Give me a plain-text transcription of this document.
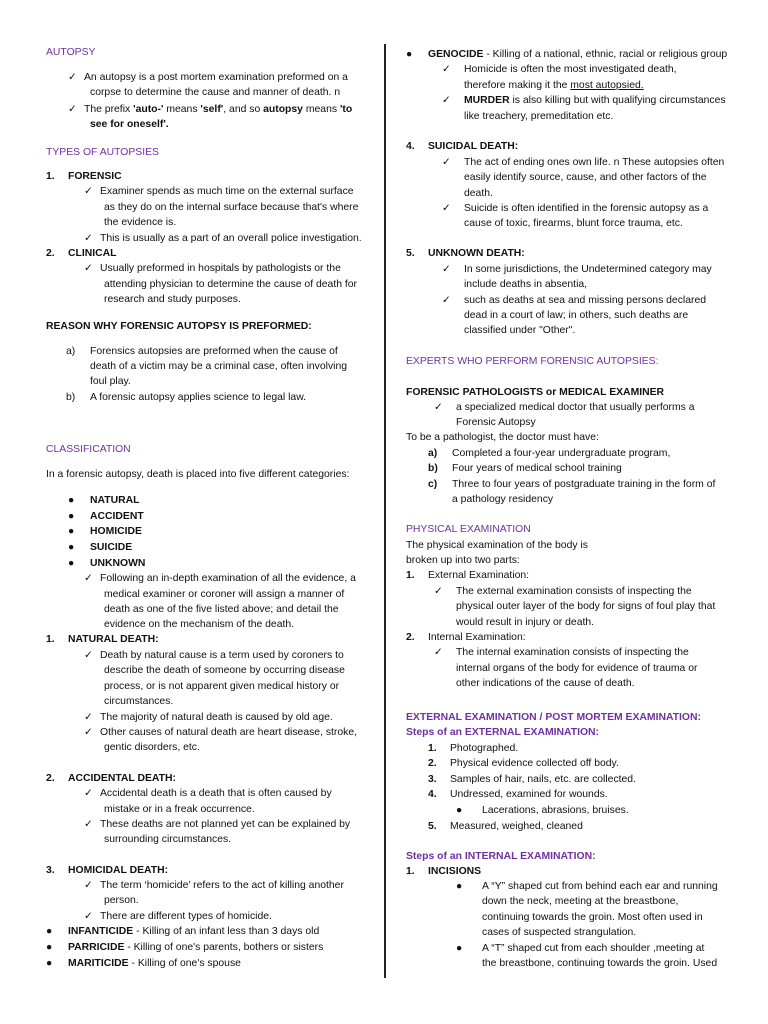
AUTOPSY
✓ An autopsy is a post mortem examination preformed on a
corpse to determine the cause and manner of death. n
✓ The prefix 'auto-' means 'self', and so autopsy means 'to
see for oneself'.
TYPES OF AUTOPSIES
1. FORENSIC
✓ Examiner spends as much time on the external surface
as they do on the internal surface because that's where
the evidence is.
✓ This is usually as a part of an overall police investigation.
2. CLINICAL
✓ Usually preformed in hospitals by pathologists or the
attending physician to determine the cause of death for
research and study purposes.
REASON WHY FORENSIC AUTOPSY IS PREFORMED:
a) Forensics autopsies are preformed when the cause of
death of a victim may be a criminal case, often involving
foul play.
b) A forensic autopsy applies science to legal law.
CLASSIFICATION
In a forensic autopsy, death is placed into five different categories:
● NATURAL
● ACCIDENT
● HOMICIDE
● SUICIDE
● UNKNOWN
✓ Following an in-depth examination of all the evidence, a
medical examiner or coroner will assign a manner of
death as one of the five listed above; and detail the
evidence on the mechanism of the death.
1. NATURAL DEATH:
✓ Death by natural cause is a term used by coroners to
describe the death of someone by occurring disease
process, or is not apparent given medical history or
circumstances.
✓ The majority of natural death is caused by old age.
✓ Other causes of natural death are heart disease, stroke,
gentic disorders, etc.
2. ACCIDENTAL DEATH:
✓ Accidental death is a death that is often caused by
mistake or in a freak occurrence.
✓ These deaths are not planned yet can be explained by
surrounding circumstances.
3. HOMICIDAL DEATH:
✓ The term ‘homicide’ refers to the act of killing another
person.
✓ There are different types of homicide.
● INFANTICIDE - Killing of an infant less than 3 days old
● PARRICIDE - Killing of one's parents, bothers or sisters
● MARITICIDE - Killing of one's spouse
● GENOCIDE - Killing of a national, ethnic, racial or religious group
✓ Homicide is often the most investigated death,
therefore making it the most autopsied.
✓ MURDER is also killing but with qualifying circumstances
like treachery, premeditation etc.
4. SUICIDAL DEATH:
✓ The act of ending ones own life. n These autopsies often
easily identify source, cause, and other factors of the
death.
✓ Suicide is often identified in the forensic autopsy as a
cause of toxic, firearms, blunt force trauma, etc.
5. UNKNOWN DEATH:
✓ In some jurisdictions, the Undetermined category may
include deaths in absentia,
✓ such as deaths at sea and missing persons declared
dead in a court of law; in others, such deaths are
classified under "Other".
EXPERTS WHO PERFORM FORENSIC AUTOPSIES:
FORENSIC PATHOLOGISTS or MEDICAL EXAMINER
✓ a specialized medical doctor that usually performs a
Forensic Autopsy
To be a pathologist, the doctor must have:
a) Completed a four-year undergraduate program,
b) Four years of medical school training
c) Three to four years of postgraduate training in the form of
a pathology residency
PHYSICAL EXAMINATION
The physical examination of the body is
broken up into two parts:
1. External Examination:
✓ The external examination consists of inspecting the
physical outer layer of the body for signs of foul play that
would result in injury or death.
2. Internal Examination:
✓ The internal examination consists of inspecting the
internal organs of the body for evidence of trauma or
other indications of the cause of death.
EXTERNAL EXAMINATION / POST MORTEM EXAMINATION:
Steps of an EXTERNAL EXAMINATION:
1. Photographed.
2. Physical evidence collected off body.
3. Samples of hair, nails, etc. are collected.
4. Undressed, examined for wounds.
● Lacerations, abrasions, bruises.
5. Measured, weighed, cleaned
Steps of an INTERNAL EXAMINATION:
1. INCISIONS
● A “Y” shaped cut from behind each ear and running
down the neck, meeting at the breastbone,
continuing towards the groin. Most often used in
cases of suspected strangulation.
● A “T” shaped cut from each shoulder ,meeting at
the breastbone, continuing towards the groin. Used
